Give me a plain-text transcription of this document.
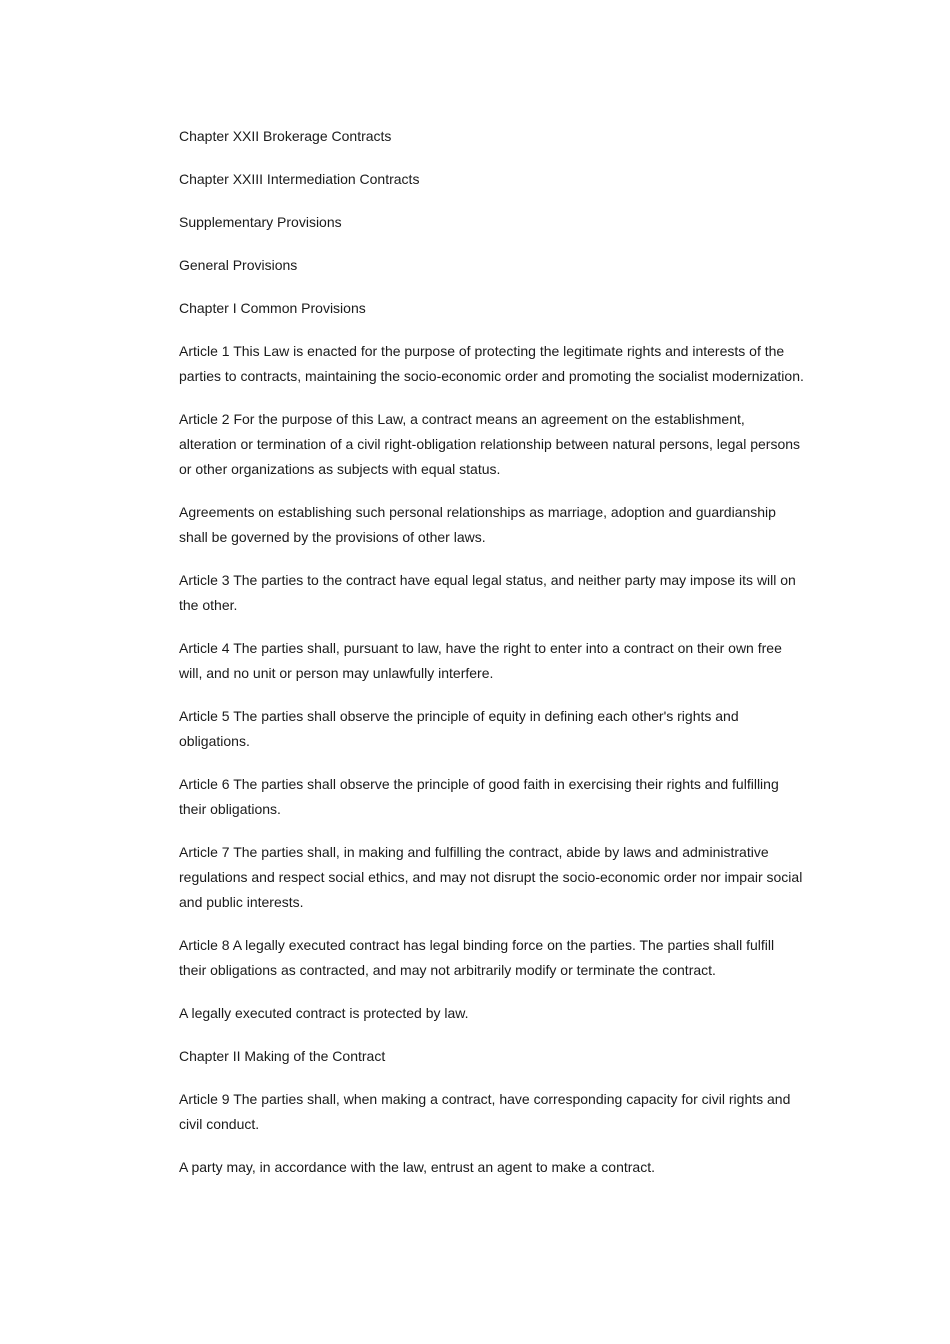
Chapter XXII Brokerage Contracts

Chapter XXIII Intermediation Contracts

Supplementary Provisions

General Provisions

Chapter I Common Provisions

Article 1 This Law is enacted for the purpose of protecting the legitimate rights and interests of the parties to contracts, maintaining the socio-economic order and promoting the socialist modernization.

Article 2 For the purpose of this Law, a contract means an agreement on the establishment, alteration or termination of a civil right-obligation relationship between natural persons, legal persons or other organizations as subjects with equal status.

Agreements on establishing such personal relationships as marriage, adoption and guardianship shall be governed by the provisions of other laws.

Article 3 The parties to the contract have equal legal status, and neither party may impose its will on the other.

Article 4 The parties shall, pursuant to law, have the right to enter into a contract on their own free will, and no unit or person may unlawfully interfere.

Article 5 The parties shall observe the principle of equity in defining each other's rights and obligations.

Article 6 The parties shall observe the principle of good faith in exercising their rights and fulfilling their obligations.

Article 7 The parties shall, in making and fulfilling the contract, abide by laws and administrative regulations and respect social ethics, and may not disrupt the socio-economic order nor impair social and public interests.

Article 8 A legally executed contract has legal binding force on the parties. The parties shall fulfill their obligations as contracted, and may not arbitrarily modify or terminate the contract.

A legally executed contract is protected by law.

Chapter II Making of the Contract

Article 9 The parties shall, when making a contract, have corresponding capacity for civil rights and civil conduct.

A party may, in accordance with the law, entrust an agent to make a contract.
